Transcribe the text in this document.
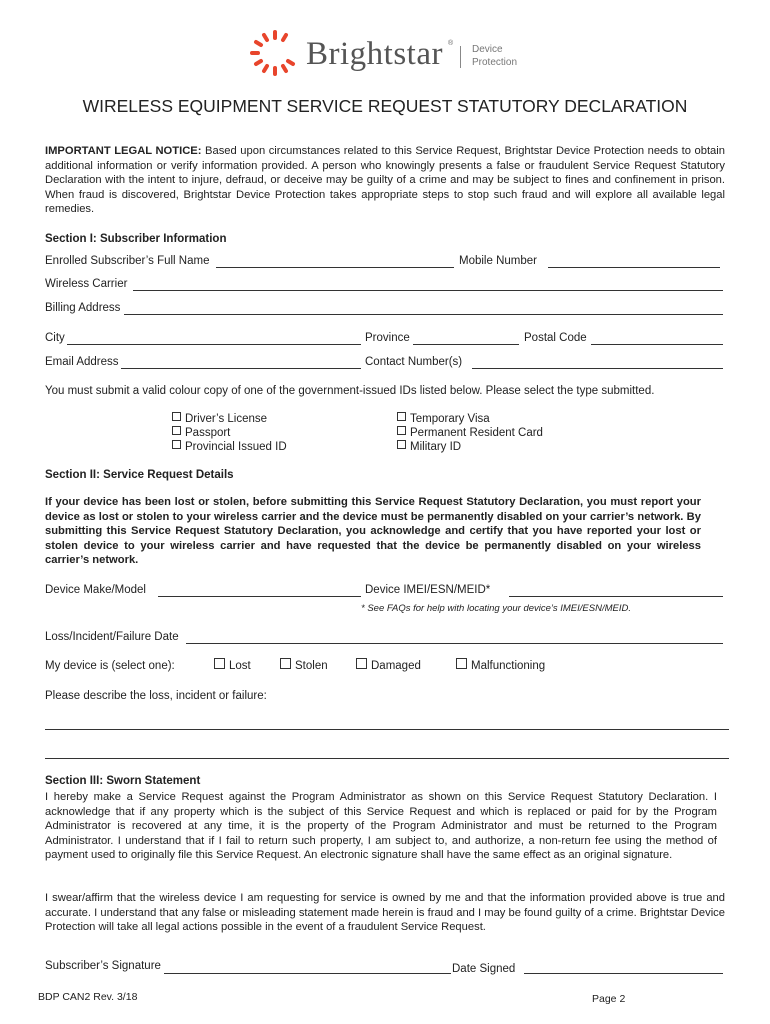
Brightstar ®
Device
Protection
WIRELESS EQUIPMENT SERVICE REQUEST STATUTORY DECLARATION
IMPORTANT LEGAL NOTICE: Based upon circumstances related to this Service Request, Brightstar Device Protection needs to obtain additional information or verify information provided. A person who knowingly presents a false or fraudulent Service Request Statutory Declaration with the intent to injure, defraud, or deceive may be guilty of a crime and may be subject to fines and confinement in prison. When fraud is discovered, Brightstar Device Protection takes appropriate steps to stop such fraud and will explore all available legal remedies.
Section I: Subscriber Information
Enrolled Subscriber’s Full Name	Mobile Number
Wireless Carrier
Billing Address
City	Province	Postal Code
Email Address	Contact Number(s)
You must submit a valid colour copy of one of the government-issued IDs listed below. Please select the type submitted.
Driver’s License
Passport
Provincial Issued ID
Temporary Visa
Permanent Resident Card
Military ID
Section II: Service Request Details
If your device has been lost or stolen, before submitting this Service Request Statutory Declaration, you must report your device as lost or stolen to your wireless carrier and the device must be permanently disabled on your carrier’s network. By submitting this Service Request Statutory Declaration, you acknowledge and certify that you have reported your lost or stolen device to your wireless carrier and have requested that the device be permanently disabled on your wireless carrier’s network.
Device Make/Model	Device IMEI/ESN/MEID*
* See FAQs for help with locating your device’s IMEI/ESN/MEID.
Loss/Incident/Failure Date
My device is (select one):	Lost	Stolen	Damaged	Malfunctioning
Please describe the loss, incident or failure:
Section III: Sworn Statement
I hereby make a Service Request against the Program Administrator as shown on this Service Request Statutory Declaration. I acknowledge that if any property which is the subject of this Service Request and which is replaced or paid for by the Program Administrator is recovered at any time, it is the property of the Program Administrator and must be returned to the Program Administrator. I understand that if I fail to return such property, I am subject to, and authorize, a non-return fee using the method of payment used to originally file this Service Request. An electronic signature shall have the same effect as an original signature.
I swear/affirm that the wireless device I am requesting for service is owned by me and that the information provided above is true and accurate. I understand that any false or misleading statement made herein is fraud and I may be found guilty of a crime. Brightstar Device Protection will take all legal actions possible in the event of a fraudulent Service Request.
Subscriber’s Signature	Date Signed
BDP CAN2 Rev. 3/18	Page 2
